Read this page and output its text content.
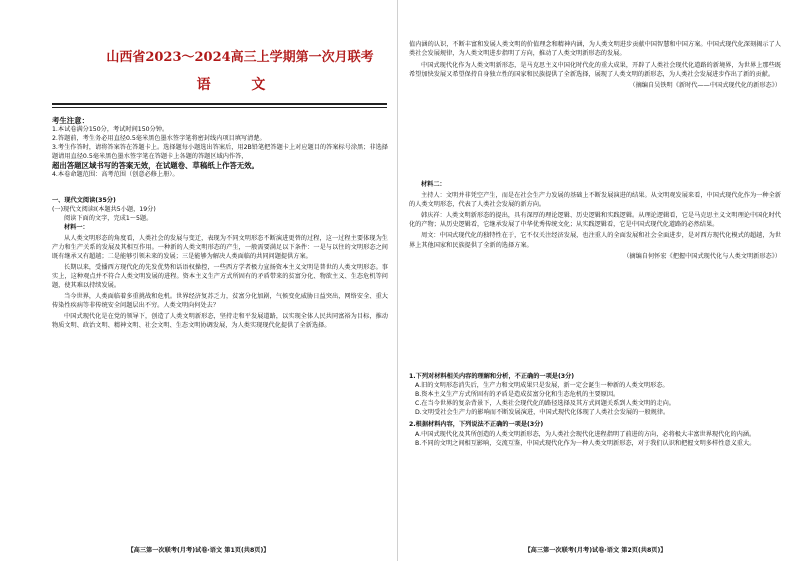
山西省2023～2024高三上学期第一次月联考
语 文

考生注意：

1.本试卷满分150分，考试时间150分钟。

2.答题前，考生务必用直径0.5毫米黑色墨水签字笔将密封线内项目填写清楚。

3.考生作答时，请将答案答在答题卡上。选择题每小题选出答案后，用2B铅笔把答题卡上对应题目的答案标号涂黑；非选择题请用直径0.5毫米黑色墨水签字笔在答题卡上各题的答题区域内作答，

超出答题区域书写的答案无效，在试题卷、草稿纸上作答无效。

4.本卷命题范围：高考范围（创意必修上册）。

一、现代文阅读(35分)

(一)现代文阅读Ⅰ(本题共5小题，19分)

阅读下面的文字，完成1～5题。

材料一：

从人类文明形态的角度看，人类社会的发展与变迁，表现为不同文明形态不断演进更替的过程，这一过程主要体现为生产力和生产关系的发展及其相互作用。一种新的人类文明形态的产生，一般需要满足以下条件：一是与以往的文明形态之间既有继承又有超越；二是能够引领未来的发展；三是能够为解决人类面临的共同问题提供方案。

长期以来，受播西方现代化的先发优势和话语权操控，一些西方学者极力宣扬资本主义文明是普世的人类文明形态。事实上，这种观点并不符合人类文明发展的进程。资本主义生产方式所固有的矛盾带来的贫富分化、物欲主义、生态危机等问题，使其难以持续发展。

当今世界，人类面临着多重挑战和危机。世界经济复苏乏力，贫富分化加剧，气候变化威胁日益突出，网络安全、重大传染性疾病等非传统安全问题层出不穷。人类文明向何处去？

中国式现代化是在党的领导下，创造了人类文明新形态，坚持走和平发展道路，以实现全体人民共同富裕为目标，推动物质文明、政治文明、精神文明、社会文明、生态文明协调发展，为人类实现现代化提供了全新选择。

【高三第一次联考(月考)试卷·语文 第1页(共8页)】

值内涵的认识，不断丰富和发展人类文明的价值理念和精神内涵，为人类文明进步贡献中国智慧和中国方案。中国式现代化深刻揭示了人类社会发展规律，为人类文明进步指明了方向，推动了人类文明新形态的发展。

中国式现代化作为人类文明新形态，是马克思主义中国化时代化的重大成果，开辟了人类社会现代化道路的新境界，为世界上那些既希望加快发展又希望保持自身独立性的国家和民族提供了全新选择，展现了人类文明的新形态，为人类社会发展进步作出了新的贡献。

（摘编自吴铁明《新时代——中国式现代化的新形态》）

材料二：

主持人：文明并非凭空产生，而是在社会生产力发展的基础上不断发展演进的结果。从文明观发展来看，中国式现代化作为一种全新的人类文明形态，代表了人类社会发展的新方向。

韩庆祥：人类文明新形态的提出，具有深厚的理论逻辑、历史逻辑和实践逻辑。从理论逻辑看，它是马克思主义文明理论中国化时代化的产物；从历史逻辑看，它继承发展了中华优秀传统文化；从实践逻辑看，它是中国式现代化道路的必然结果。

周文：中国式现代化的独特性在于，它不仅关注经济发展，也注重人的全面发展和社会全面进步，是对西方现代化模式的超越，为世界上其他国家和民族提供了全新的选择方案。

（摘编自何怀宏《把握中国式现代化与人类文明新形态》）

1.下列对材料相关内容的理解和分析，不正确的一项是(3分)

A.旧的文明形态消失后，生产力和文明成果只是发展，新一定会诞生一种新的人类文明形态。

B.资本主义生产方式所固有的矛盾是造成贫富分化和生态危机的主要原因。

C.在当今世界的复杂背景下，人类社会现代化的路径选择及其方式问题关系到人类文明的走向。

D.文明受社会生产力的影响而不断发展演进，中国式现代化体现了人类社会发展的一般规律。

2.根据材料内容，下列说法不正确的一项是(3分)

A.中国式现代化及其所创造的人类文明新形态，为人类社会现代化进程指明了前进的方向，必将极大丰富世界现代化的内涵。

B.不同的文明之间相互影响，交流互鉴，中国式现代化作为一种人类文明新形态，对于我们认识和把握文明多样性意义重大。

【高三第一次联考(月考)试卷·语文 第2页(共8页)】
